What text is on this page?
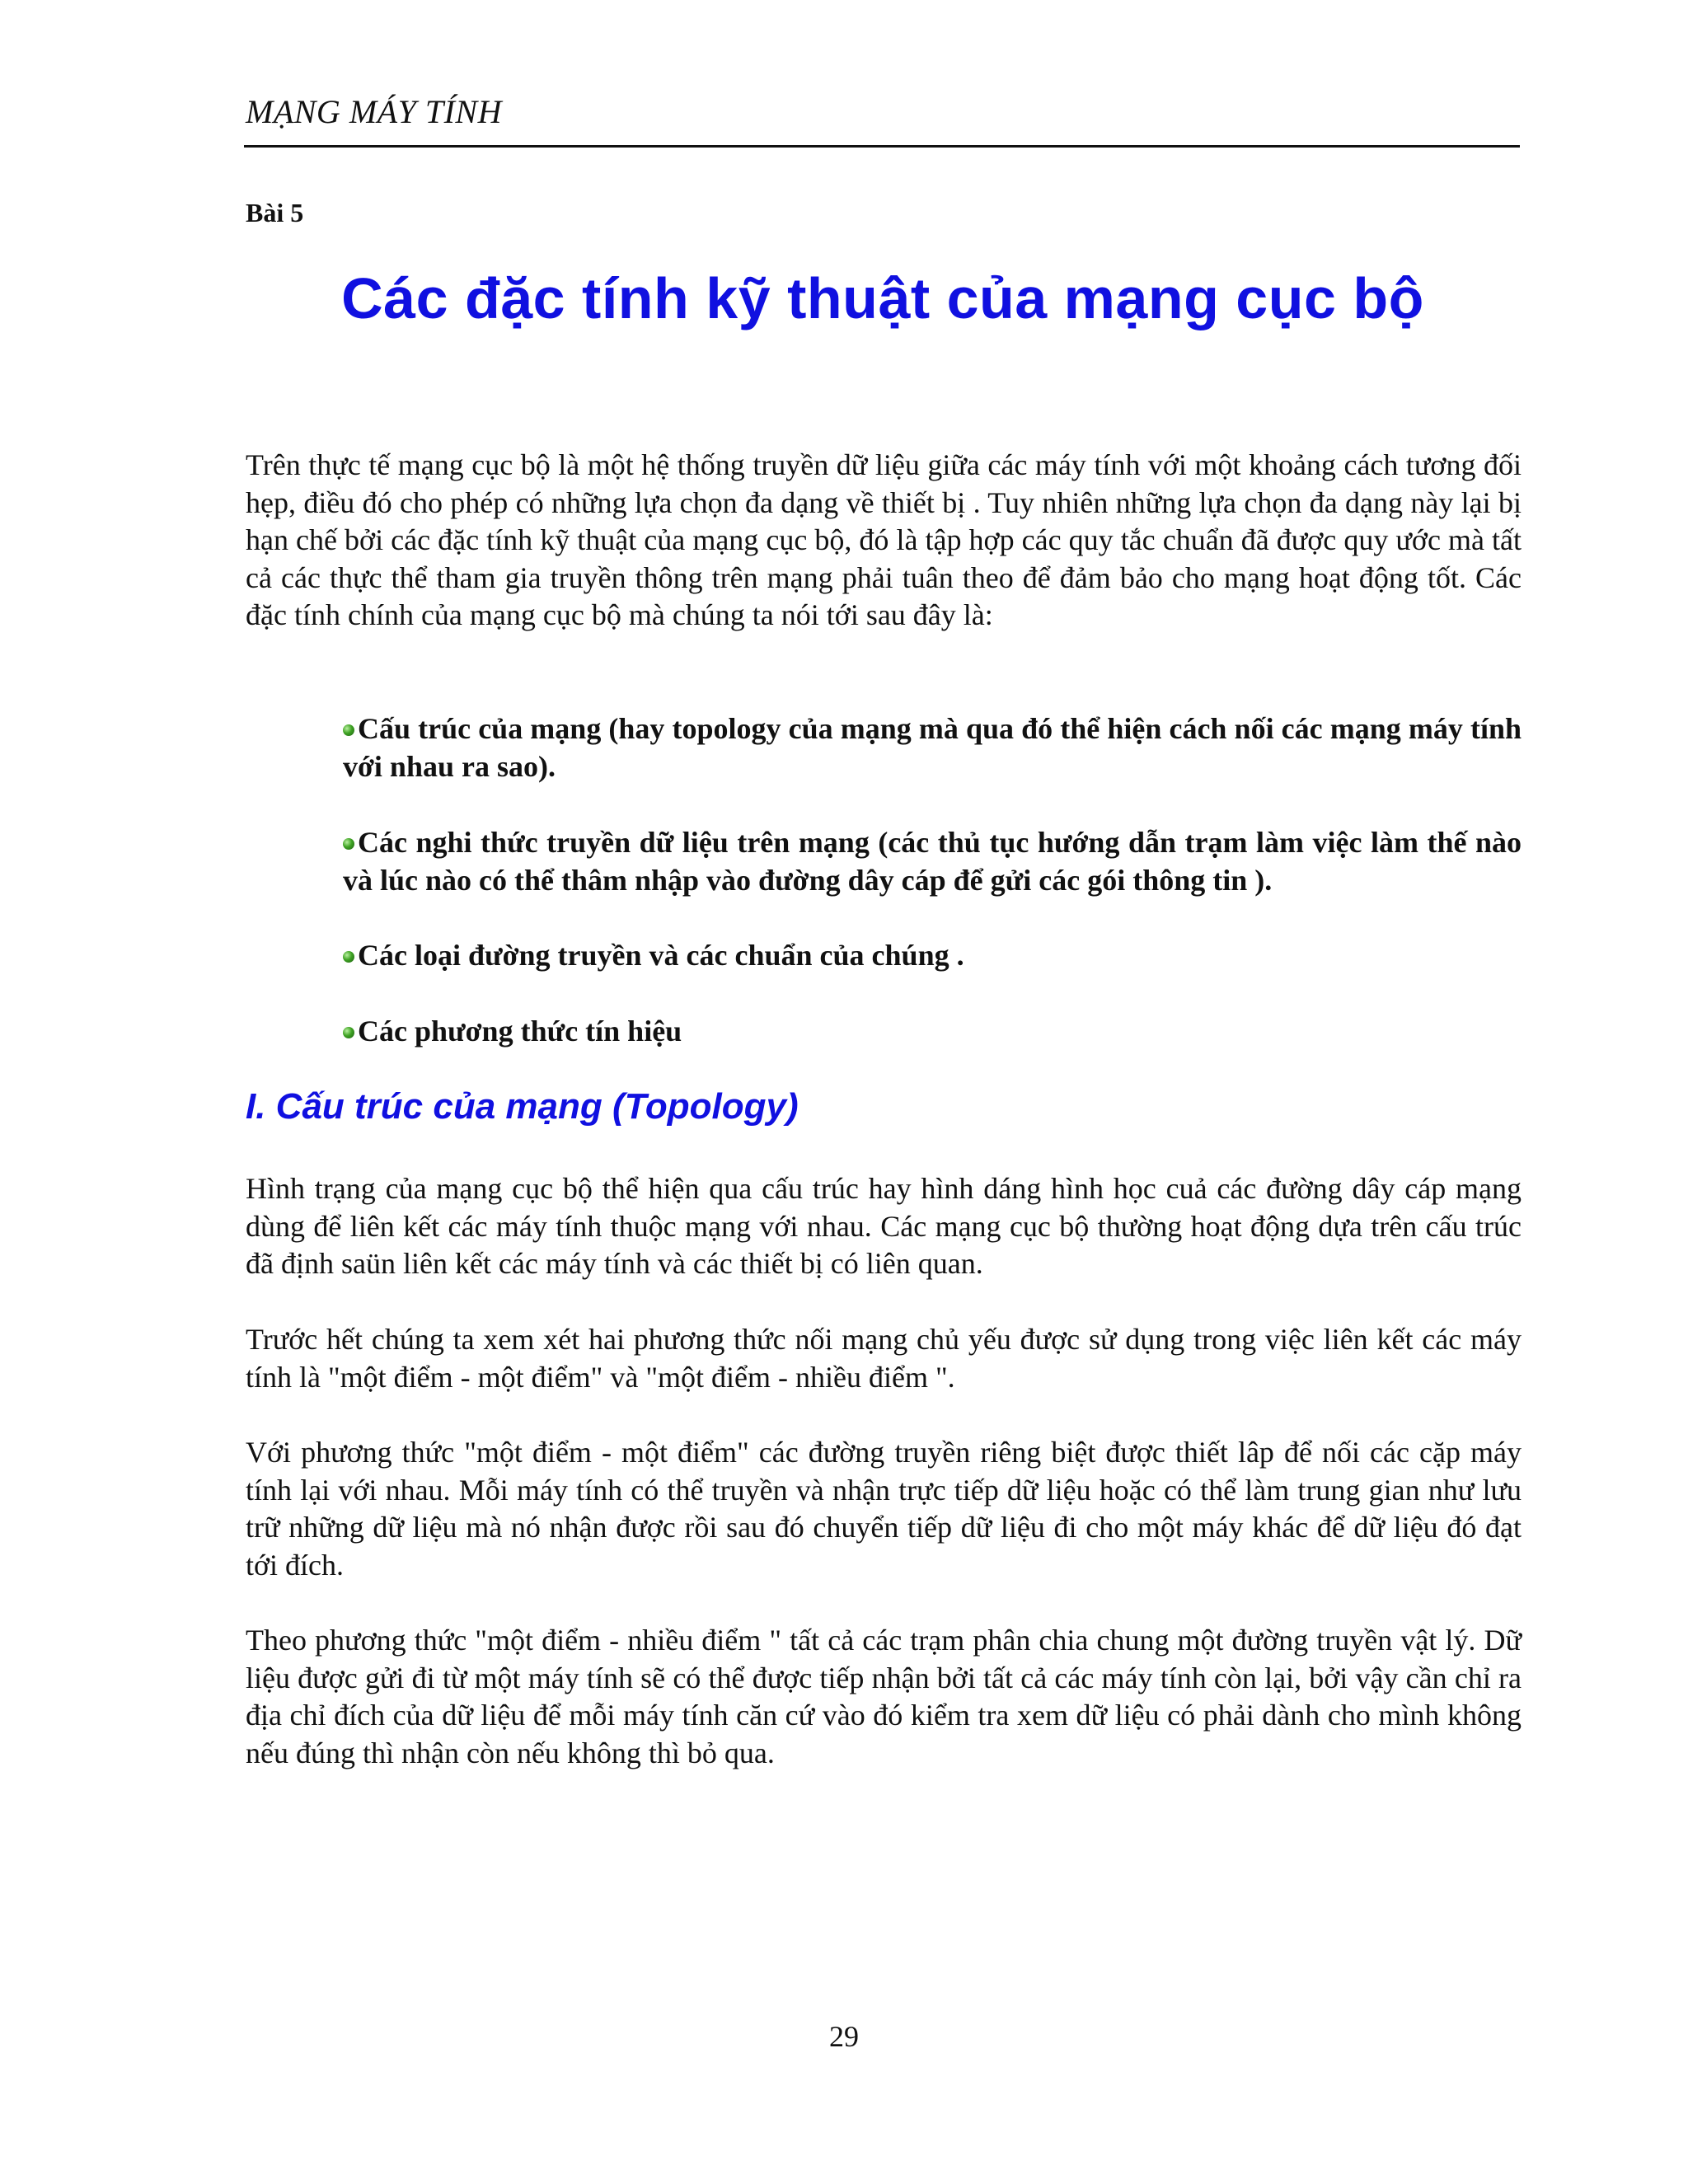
MẠNG MÁY TÍNH
Bài 5
Các đặc tính kỹ thuật của mạng cục bộ

Trên thực tế mạng cục bộ là một hệ thống truyền dữ liệu giữa các máy tính với một khoảng cách tương đối hẹp, điều đó cho phép có những lựa chọn đa dạng về thiết bị . Tuy nhiên những lựa chọn đa dạng này lại bị hạn chế bởi các đặc tính kỹ thuật của mạng cục bộ, đó là tập hợp các quy tắc chuẩn đã được quy ước mà tất cả các thực thể tham gia truyền thông trên mạng phải tuân theo để đảm bảo cho mạng hoạt động tốt. Các đặc tính chính của mạng cục bộ mà chúng ta nói tới sau đây là:

Cấu trúc của mạng (hay topology của mạng mà qua đó thể hiện cách nối các mạng máy tính với nhau ra sao).

Các nghi thức truyền dữ liệu trên mạng (các thủ tục hướng dẫn trạm làm việc làm thế nào và lúc nào có thể thâm nhập vào đường dây cáp để gửi các gói thông tin ).

Các loại đường truyền và các chuẩn của chúng .

Các phương thức tín hiệu

I. Cấu trúc của mạng (Topology)

Hình trạng của mạng cục bộ thể hiện qua cấu trúc hay hình dáng hình học cuả các đường dây cáp mạng dùng để liên kết các máy tính thuộc mạng với nhau. Các mạng cục bộ thường hoạt động dựa trên cấu trúc đã định saün liên kết các máy tính và các thiết bị có liên quan.

Trước hết chúng ta xem xét hai phương thức nối mạng chủ yếu được sử dụng trong việc liên kết các máy tính là "một điểm - một điểm" và "một điểm - nhiều điểm ".

Với phương thức "một điểm - một điểm" các đường truyền riêng biệt được thiết lâp để nối các cặp máy tính lại với nhau. Mỗi máy tính có thể truyền và nhận trực tiếp dữ liệu hoặc có thể làm trung gian như lưu trữ những dữ liệu mà nó nhận được rồi sau đó chuyển tiếp dữ liệu đi cho một máy khác để dữ liệu đó đạt tới đích.

Theo phương thức "một điểm - nhiều điểm " tất cả các trạm phân chia chung một đường truyền vật lý. Dữ liệu được gửi đi từ một máy tính sẽ có thể được tiếp nhận bởi tất cả các máy tính còn lại, bởi vậy cần chỉ ra địa chỉ đích của dữ liệu để mỗi máy tính căn cứ vào đó kiểm tra xem dữ liệu có phải dành cho mình không nếu đúng thì nhận còn nếu không thì bỏ qua.

29
